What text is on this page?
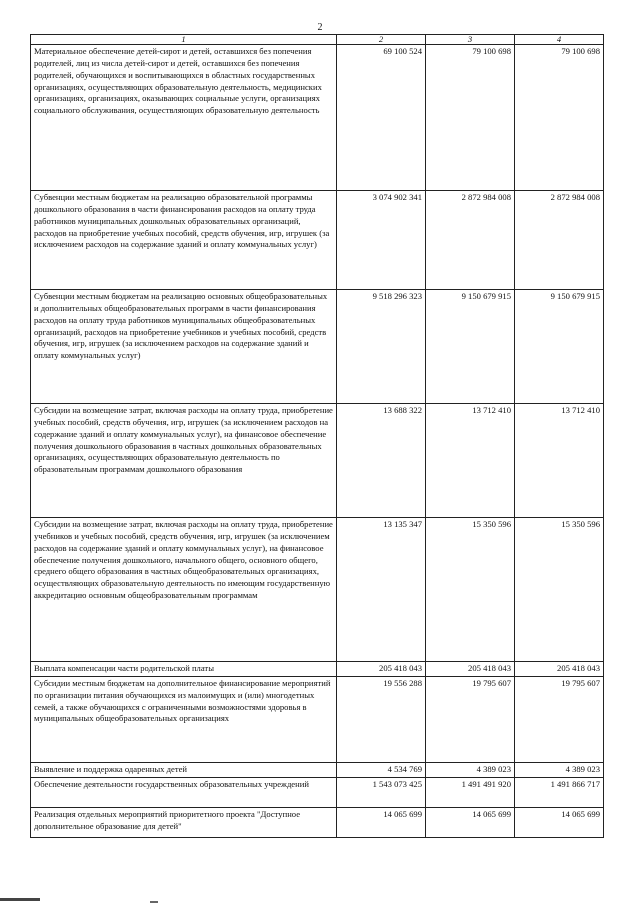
2
1	2	3	4
Материальное обеспечение детей-сирот и детей, оставшихся без попечения родителей, лиц из числа детей-сирот и детей, оставшихся без попечения родителей, обучающихся и воспитывающихся в областных государственных организациях, осуществляющих образовательную деятельность, медицинских организациях, организациях, оказывающих социальные услуги, организациях социального обслуживания, осуществляющих образовательную деятельность	69 100 524	79 100 698	79 100 698
Субвенции местным бюджетам на реализацию образовательной программы дошкольного образования в части финансирования расходов на оплату труда работников муниципальных дошкольных образовательных организаций, расходов на приобретение учебных пособий, средств обучения, игр, игрушек (за исключением расходов на содержание зданий и оплату коммунальных услуг)	3 074 902 341	2 872 984 008	2 872 984 008
Субвенции местным бюджетам на реализацию основных общеобразовательных и дополнительных общеобразовательных программ в части финансирования расходов на оплату труда работников муниципальных общеобразовательных организаций, расходов на приобретение учебников и учебных пособий, средств обучения, игр, игрушек (за исключением расходов на содержание зданий и оплату коммунальных услуг)	9 518 296 323	9 150 679 915	9 150 679 915
Субсидии на возмещение затрат, включая расходы на оплату труда, приобретение учебных пособий, средств обучения, игр, игрушек (за исключением расходов на содержание зданий и оплату коммунальных услуг), на финансовое обеспечение получения дошкольного образования в частных дошкольных образовательных организациях, осуществляющих образовательную деятельность по образовательным программам дошкольного образования	13 688 322	13 712 410	13 712 410
Субсидии на возмещение затрат, включая расходы на оплату труда, приобретение учебников и учебных пособий, средств обучения, игр, игрушек (за исключением расходов на содержание зданий и оплату коммунальных услуг), на финансовое обеспечение получения дошкольного, начального общего, основного общего, среднего общего образования в частных общеобразовательных организациях, осуществляющих образовательную деятельность по имеющим государственную аккредитацию основным общеобразовательным программам	13 135 347	15 350 596	15 350 596
Выплата компенсации части родительской платы	205 418 043	205 418 043	205 418 043
Субсидии местным бюджетам на дополнительное финансирование мероприятий по организации питания обучающихся из малоимущих и (или) многодетных семей, а также обучающихся с ограниченными возможностями здоровья в муниципальных общеобразовательных организациях	19 556 288	19 795 607	19 795 607
Выявление и поддержка одаренных детей	4 534 769	4 389 023	4 389 023
Обеспечение деятельности государственных образовательных учреждений	1 543 073 425	1 491 491 920	1 491 866 717
Реализация отдельных мероприятий приоритетного проекта "Доступное дополнительное образование для детей"	14 065 699	14 065 699	14 065 699
